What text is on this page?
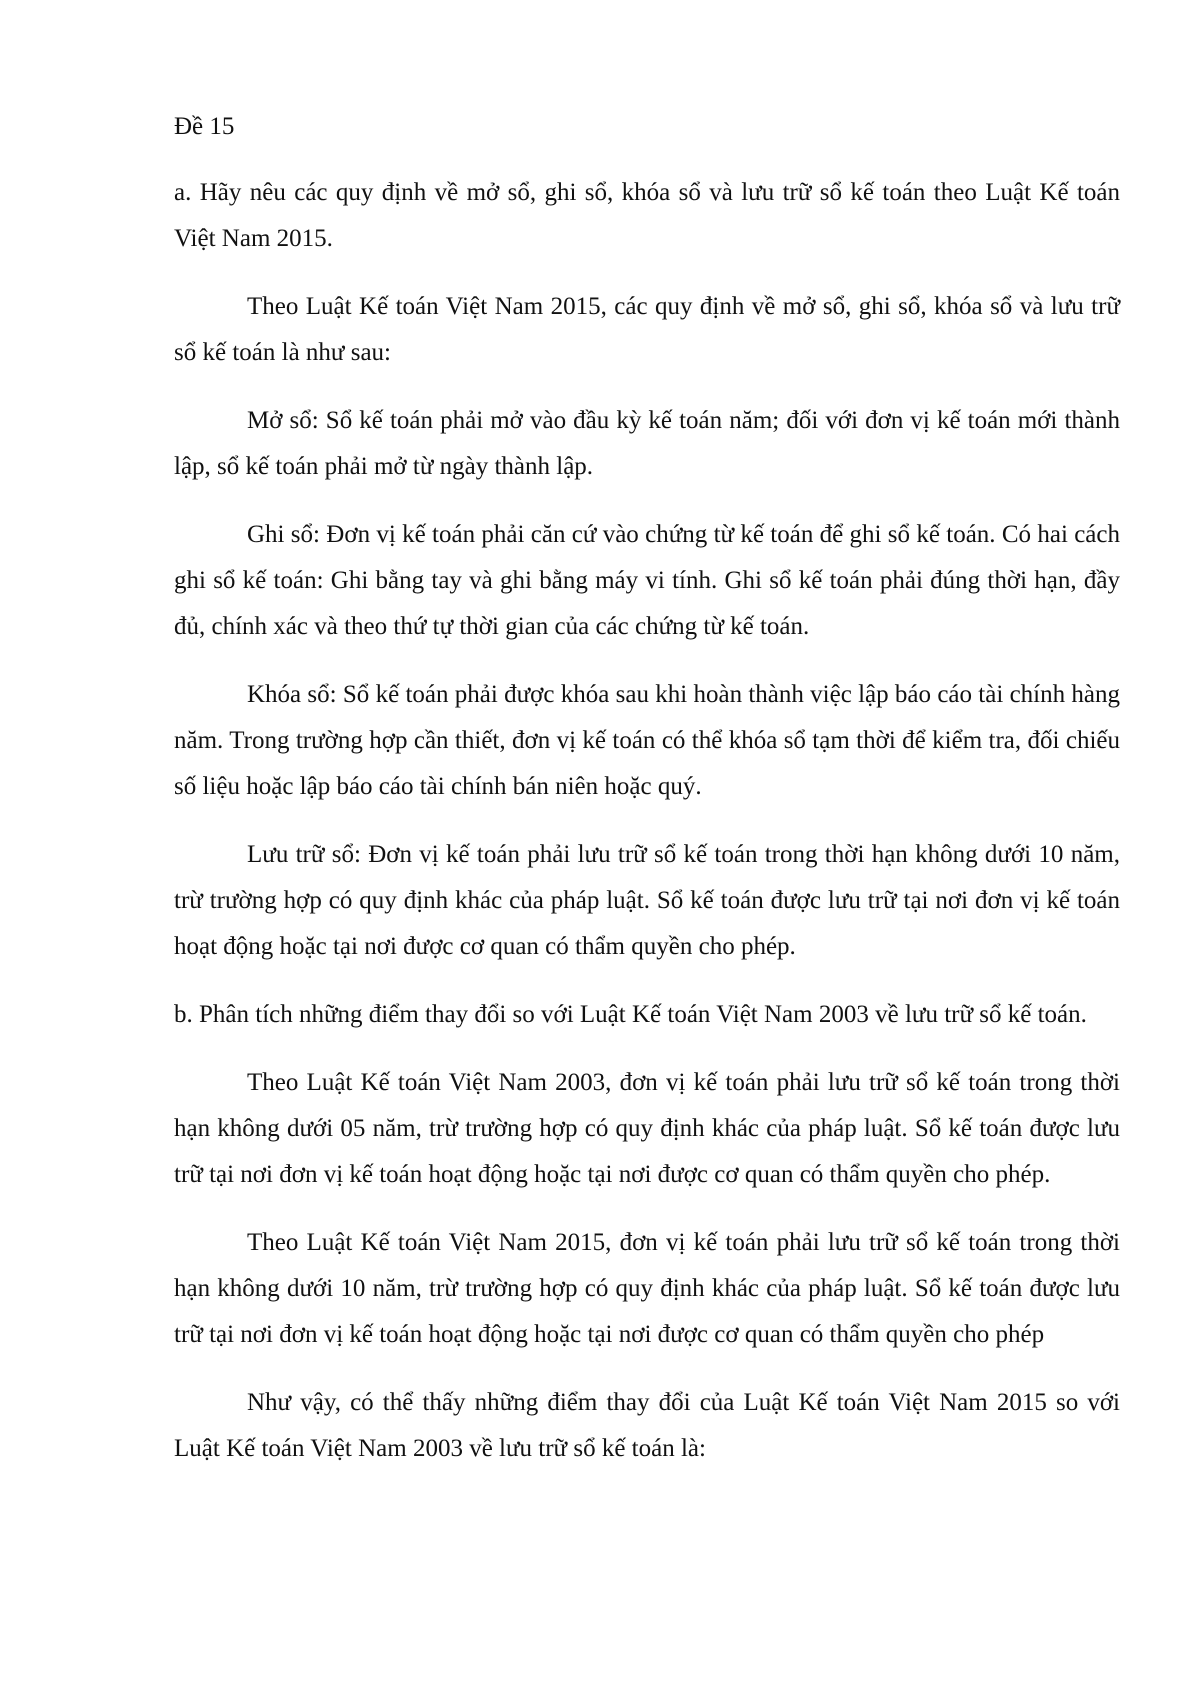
Đề 15

a. Hãy nêu các quy định về mở sổ, ghi sổ, khóa sổ và lưu trữ sổ kế toán theo Luật Kế toán Việt Nam 2015.

Theo Luật Kế toán Việt Nam 2015, các quy định về mở sổ, ghi sổ, khóa sổ và lưu trữ sổ kế toán là như sau:

Mở sổ: Sổ kế toán phải mở vào đầu kỳ kế toán năm; đối với đơn vị kế toán mới thành lập, sổ kế toán phải mở từ ngày thành lập.

Ghi sổ: Đơn vị kế toán phải căn cứ vào chứng từ kế toán để ghi sổ kế toán. Có hai cách ghi sổ kế toán: Ghi bằng tay và ghi bằng máy vi tính. Ghi sổ kế toán phải đúng thời hạn, đầy đủ, chính xác và theo thứ tự thời gian của các chứng từ kế toán.

Khóa sổ: Sổ kế toán phải được khóa sau khi hoàn thành việc lập báo cáo tài chính hàng năm. Trong trường hợp cần thiết, đơn vị kế toán có thể khóa sổ tạm thời để kiểm tra, đối chiếu số liệu hoặc lập báo cáo tài chính bán niên hoặc quý.

Lưu trữ sổ: Đơn vị kế toán phải lưu trữ sổ kế toán trong thời hạn không dưới 10 năm, trừ trường hợp có quy định khác của pháp luật. Sổ kế toán được lưu trữ tại nơi đơn vị kế toán hoạt động hoặc tại nơi được cơ quan có thẩm quyền cho phép.

b. Phân tích những điểm thay đổi so với Luật Kế toán Việt Nam 2003 về lưu trữ sổ kế toán.

Theo Luật Kế toán Việt Nam 2003, đơn vị kế toán phải lưu trữ sổ kế toán trong thời hạn không dưới 05 năm, trừ trường hợp có quy định khác của pháp luật. Sổ kế toán được lưu trữ tại nơi đơn vị kế toán hoạt động hoặc tại nơi được cơ quan có thẩm quyền cho phép.

Theo Luật Kế toán Việt Nam 2015, đơn vị kế toán phải lưu trữ sổ kế toán trong thời hạn không dưới 10 năm, trừ trường hợp có quy định khác của pháp luật. Sổ kế toán được lưu trữ tại nơi đơn vị kế toán hoạt động hoặc tại nơi được cơ quan có thẩm quyền cho phép

Như vậy, có thể thấy những điểm thay đổi của Luật Kế toán Việt Nam 2015 so với Luật Kế toán Việt Nam 2003 về lưu trữ sổ kế toán là:
